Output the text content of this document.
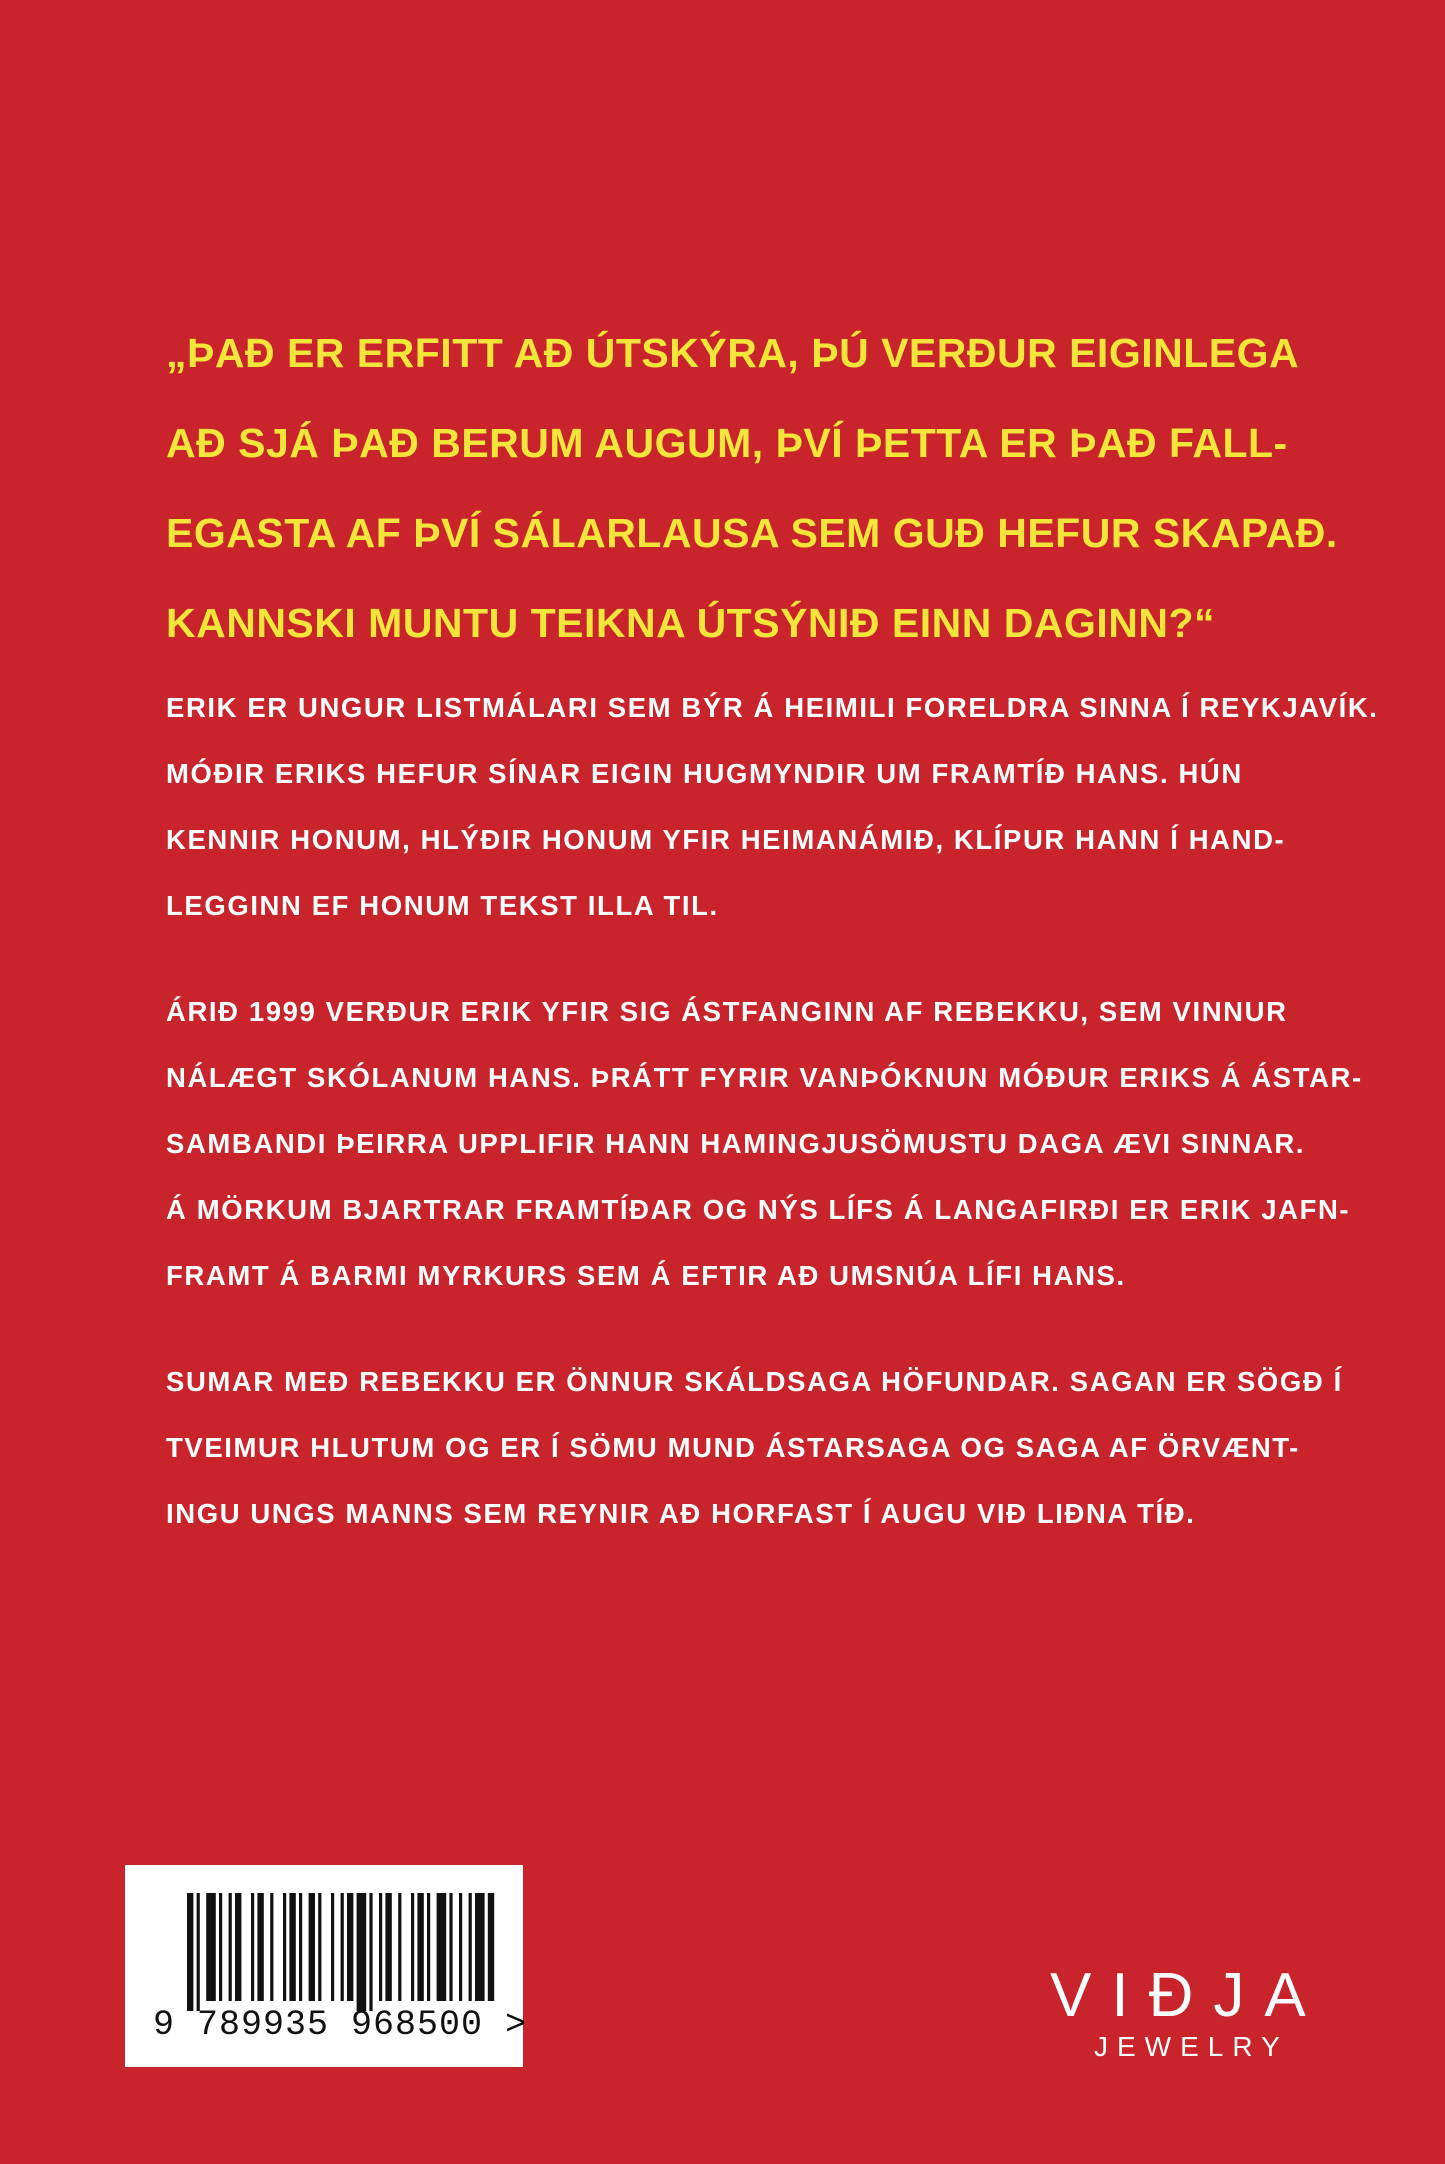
„ÞAÐ ER ERFITT AÐ ÚTSKÝRA, ÞÚ VERÐUR EIGINLEGA
AÐ SJÁ ÞAÐ BERUM AUGUM, ÞVÍ ÞETTA ER ÞAÐ FALL-
EGASTA AF ÞVÍ SÁLARLAUSA SEM GUÐ HEFUR SKAPAÐ.
KANNSKI MUNTU TEIKNA ÚTSÝNIÐ EINN DAGINN?“
ERIK ER UNGUR LISTMÁLARI SEM BÝR Á HEIMILI FORELDRA SINNA Í REYKJAVÍK.
MÓÐIR ERIKS HEFUR SÍNAR EIGIN HUGMYNDIR UM FRAMTÍÐ HANS. HÚN
KENNIR HONUM, HLÝÐIR HONUM YFIR HEIMANÁMIÐ, KLÍPUR HANN Í HAND-
LEGGINN EF HONUM TEKST ILLA TIL.
ÁRIÐ 1999 VERÐUR ERIK YFIR SIG ÁSTFANGINN AF REBEKKU, SEM VINNUR
NÁLÆGT SKÓLANUM HANS. ÞRÁTT FYRIR VANÞÓKNUN MÓÐUR ERIKS Á ÁSTAR-
SAMBANDI ÞEIRRA UPPLIFIR HANN HAMINGJUSÖMUSTU DAGA ÆVI SINNAR.
Á MÖRKUM BJARTRAR FRAMTÍÐAR OG NÝS LÍFS Á LANGAFIRÐI ER ERIK JAFN-
FRAMT Á BARMI MYRKURS SEM Á EFTIR AÐ UMSNÚA LÍFI HANS.
SUMAR MEÐ REBEKKU ER ÖNNUR SKÁLDSAGA HÖFUNDAR. SAGAN ER SÖGÐ Í
TVEIMUR HLUTUM OG ER Í SÖMU MUND ÁSTARSAGA OG SAGA AF ÖRVÆNT-
INGU UNGS MANNS SEM REYNIR AÐ HORFAST Í AUGU VIÐ LIÐNA TÍÐ.
9 789935 968500 >	VIÐJA
JEWELRY
